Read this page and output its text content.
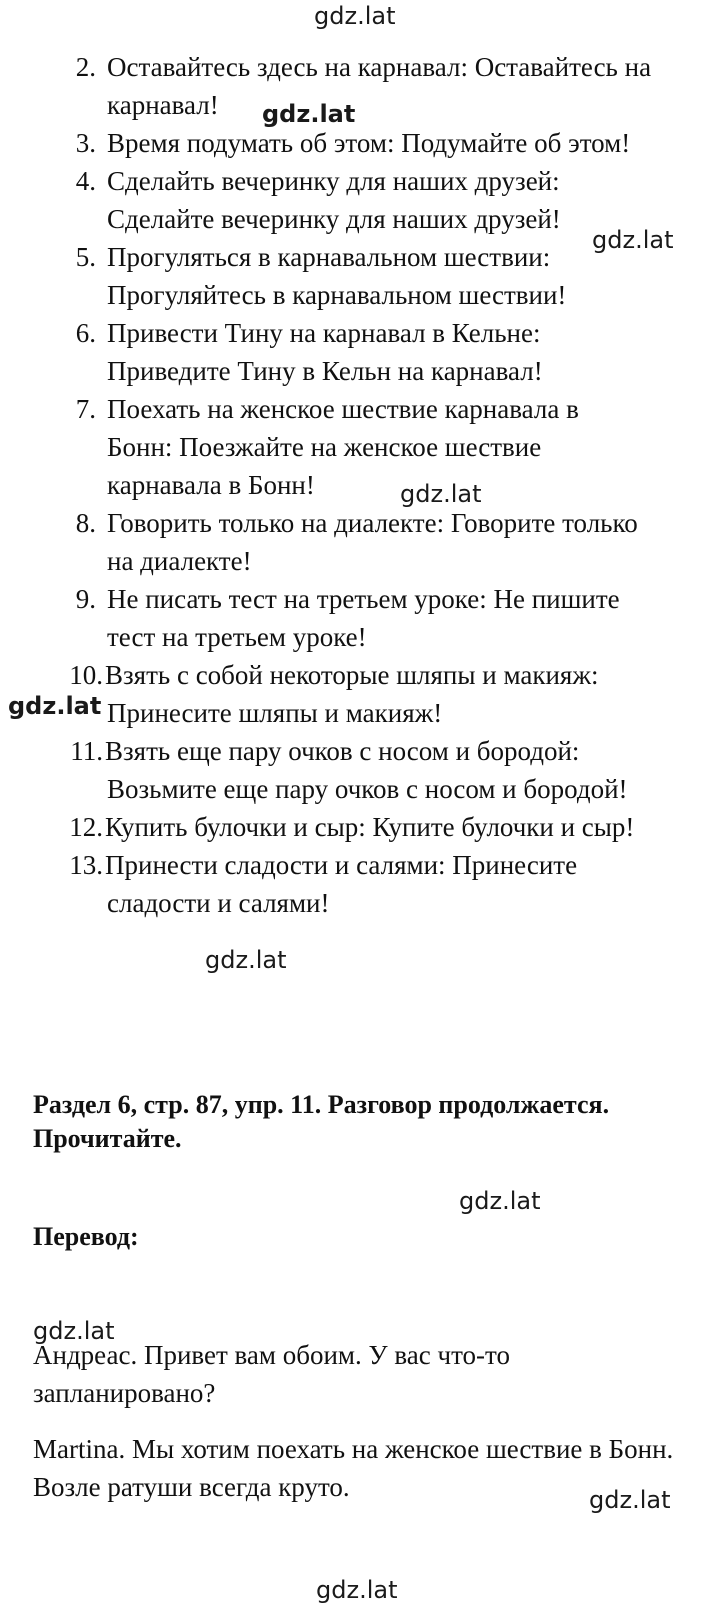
gdz.lat
gdz.lat
gdz.lat
gdz.lat
gdz.lat
gdz.lat
gdz.lat
gdz.lat
gdz.lat
gdz.lat
2. Оставайтесь здесь на карнавал: Оставайтесь на
карнавал!
3. Время подумать об этом: Подумайте об этом!
4. Сделайть вечеринку для наших друзей:
Сделайте вечеринку для наших друзей!
5. Прогуляться в карнавальном шествии:
Прогуляйтесь в карнавальном шествии!
6. Привести Тину на карнавал в Кельне:
Приведите Тину в Кельн на карнавал!
7. Поехать на женское шествие карнавала в
Бонн: Поезжайте на женское шествие
карнавала в Бонн!
8. Говорить только на диалекте: Говорите только
на диалекте!
9. Не писать тест на третьем уроке: Не пишите
тест на третьем уроке!
10. Взять с собой некоторые шляпы и макияж:
Принесите шляпы и макияж!
11. Взять еще пару очков с носом и бородой:
Возьмите еще пару очков с носом и бородой!
12. Купить булочки и сыр: Купите булочки и сыр!
13. Принести сладости и салями: Принесите
сладости и салями!
Раздел 6, стр. 87, упр. 11. Разговор продолжается. Прочитайте.
Перевод:
Андреас. Привет вам обоим. У вас что-то запланировано?
Martina. Мы хотим поехать на женское шествие в Бонн. Возле ратуши всегда круто.
